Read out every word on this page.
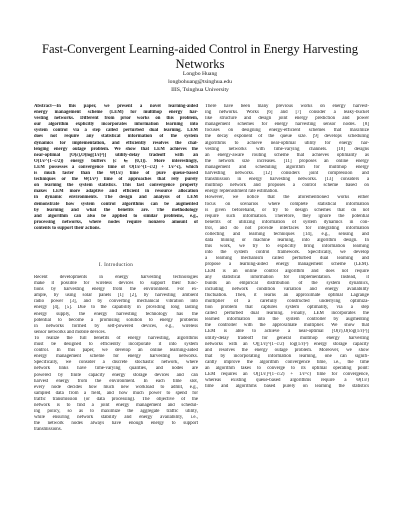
Fast-Convergent Learning-aided Control in Energy Harvesting Networks
Longbo Huang
longbohuang@tsinghua.edu
IIIS, Tsinghua University
Abstract—In this paper, we present a novel learning-aided
energy management scheme (LEM) for multihop energy har-
vesting networks. Different from prior works on this problem,
our algorithm explicitly incorporates information learning into
system control via a step called perturbed dual learning. LEM
does not require any statistical information of the system
dynamics for implementation, and efficiently resolves the chal-
lenging energy outage problem. We show that LEM achieves the
near-optimal [O(ε),O(log(1/ε)²)] utility-delay tradeoff with an
O(1/ε^(1−c/2)) energy buffers (c ∈ (0,1)). More interestingly,
LEM possesses a convergence time of O(1/ε^(1−c/2) + 1/ε^c), which
is much faster than the Θ(1/ε) time of pure queue-based
techniques or the Θ(1/ε²) time of approaches that rely purely
on learning the system statistics. This fast convergence property
makes LEM more adaptive and efficient in resource allocation
in dynamic environments. The design and analysis of LEM
demonstrate how system control algorithms can be augmented
by learning and what the benefits are. The methodology
and algorithm can also be applied to similar problems, e.g.,
processing networks, where nodes require nonzero amount of
contents to support their actions.
I. Introduction
Recent developments in energy harvesting technologies
make it possible for wireless devices to support their func-
tions by harvesting energy from the environment. For ex-
ample, by using solar panels [1] [2], by harvesting ambient
radio power [3], and by converting mechanical vibration into
energy [4], [5]. Due to the capability in providing long lasting
energy supply, the energy harvesting technology has the
potential to become a promising solution to energy problems
in networks formed by self-powered devices, e.g., wireless
sensor networks and mobile devices.
To realize the full benefits of energy harvesting, algorithms
must be designed to efficiently incorporate it into system
control. In this paper, we develop an online learning-aided
energy management scheme for energy harvesting networks.
Specifically, we consider a discrete stochastic network, where
network links have time-varying qualities, and nodes are
powered by finite capacity energy storage devices and can
harvest energy from the environment. In each time slot,
every node decides how much new workload to admit, e.g.,
sampled data from a field, and how much power to spend for
traffic transmission (or data processing). The objective of the
network is to find a joint energy management and schedul-
ing policy, so as to maximize the aggregate traffic utility,
while ensuring network stability and energy availability, i.e.,
the network nodes always have enough energy to support
transmissions.
There have been many previous works on energy harvest-
ing networks. Works [6] and [7] consider a leaky-bucket
like structure and design joint energy prediction and power
management schemes for energy harvesting sensor nodes. [8]
focuses on designing energy-efficient schemes that maximize
the decay exponent of the queue size. [9] develops scheduling
algorithms to achieve near-optimal utility for energy har-
vesting networks with time-varying channels. [10] designs
an energy-aware routing scheme that achieves optimality as
the network size increases. [11] proposes an online energy
management and scheduling algorithm for multihop energy
harvesting networks. [12] considers joint compression and
transmission in energy harvesting networks. [13] considers a
multihop network and proposes a control scheme based on
energy replenishment rate estimation.
However, we notice that the aforementioned works either
focus on scenarios where complete statistical information
is given beforehand, or try to design schemes that do not
require such information. Therefore, they ignore the potential
benefits of utilizing information of system dynamics in con-
trol, and do not provide interfaces for integrating information
collecting and learning techniques [14], e.g., sensing and
data mining or machine learning, into algorithm design. In
this work, we try to explicitly bring information learning
into the system control framework. Specifically, we develop
a learning mechanism called perturbed dual learning and
propose a learning-aided energy management scheme (LEM).
LEM is an online control algorithm and does not require
any statistical information for implementation. Instead, it
builds an empirical distribution of the system dynamics,
including network condition variation and energy availability
fluctuation. Then, it learns an approximate optimal Lagrange
multiplier of a carefully constructed underlying optimiza-
tion problem that captures system optimality, via a step
called perturbed dual learning. Finally, LEM incorporates the
learned information into the system controller by augmenting
the controller with the approximate multiplier. We show that
LEM is able to achieve a near-optimal [O(ε),O(log(1/ε)²)]
utility-delay tradeoff for general multihop energy harvesting
networks with an O([1/ε]^(1−c/2) log(1/ε)²) energy storage capacity
and resolves the energy outage problem. Moreover, we show
that by incorporating information learning, one can signifi-
cantly improve the algorithm convergence time, i.e., the time
an algorithm takes to converge to its optimal operating point:
LEM requires an O([1/ε]^(1−c/2) + 1/ε^c) time for convergence,
whereas existing queue-based algorithms require a Θ(1/ε)
time and algorithms based purely on learning the statistics
